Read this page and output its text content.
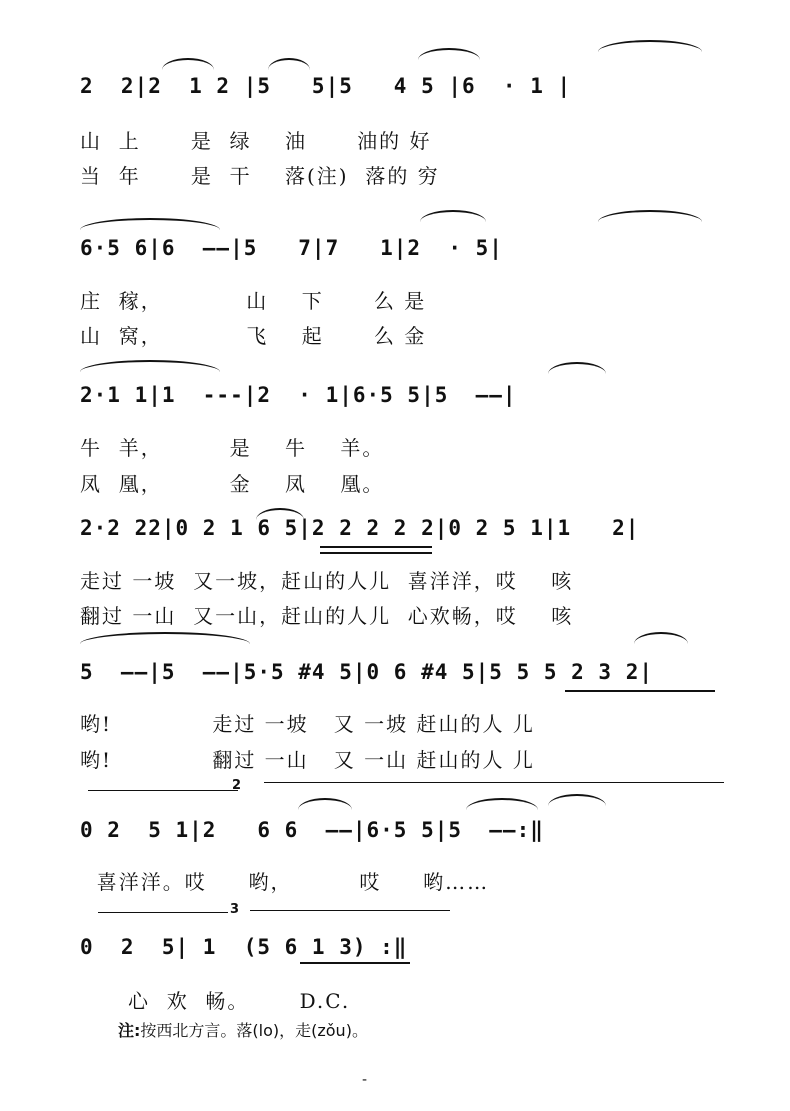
2  2|2  1 2 |5   5|5   4 5 |6  · 1 |
山  上      是  绿    油      油的 好
当  年      是  干    落(注)  落的 穷
6·5 6|6  ——|5   7|7   1|2  · 5|
庄  稼，          山    下      么 是
山  窝，          飞    起      么 金
2·1 1|1  ---|2  · 1|6·5 5|5  ——|
牛  羊，        是    牛    羊。
凤  凰，        金    凤    凰。
2·2 22|0 2 1 6 5|2 2 2 2 2|0 2 5 1|1   2|
走过 一坡  又一坡，赶山的人儿  喜洋洋，哎    咳
翻过 一山  又一山，赶山的人儿  心欢畅，哎    咳
5  ——|5  ——|5·5 #4 5|0 6 #4 5|5 5 5 2 3 2|
哟!            走过 一坡   又 一坡 赶山的人 儿
哟!            翻过 一山   又 一山 赶山的人 儿
2
0 2  5 1|2   6 6  ——|6·5 5|5  ——:‖
喜洋洋。哎     哟，        哎     哟……
3
0  2  5| 1  (5 6 1 3) :‖
心  欢  畅。      D.C.
注:按西北方言。落(lo)，走(zǒu)。
-
